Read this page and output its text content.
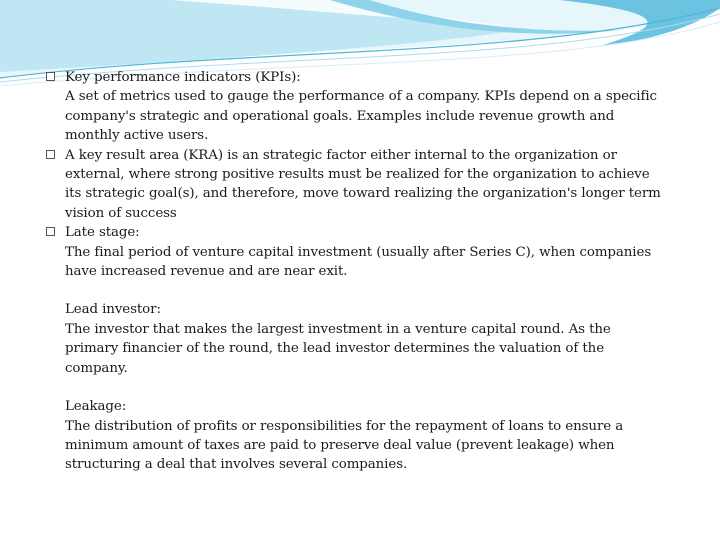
Key performance indicators (KPIs):
A set of metrics used to gauge the performance of a company. KPIs depend on a specific
company's strategic and operational goals. Examples include revenue growth and
monthly active users.
A key result area (KRA) is an strategic factor either internal to the organization or
external, where strong positive results must be realized for the organization to achieve
its strategic goal(s), and therefore, move toward realizing the organization's longer term
vision of success
Late stage:
The final period of venture capital investment (usually after Series C), when companies
have increased revenue and are near exit.
Lead investor:
The investor that makes the largest investment in a venture capital round. As the
primary financier of the round, the lead investor determines the valuation of the
company.
Leakage:
The distribution of profits or responsibilities for the repayment of loans to ensure a
minimum amount of taxes are paid to preserve deal value (prevent leakage) when
structuring a deal that involves several companies.
